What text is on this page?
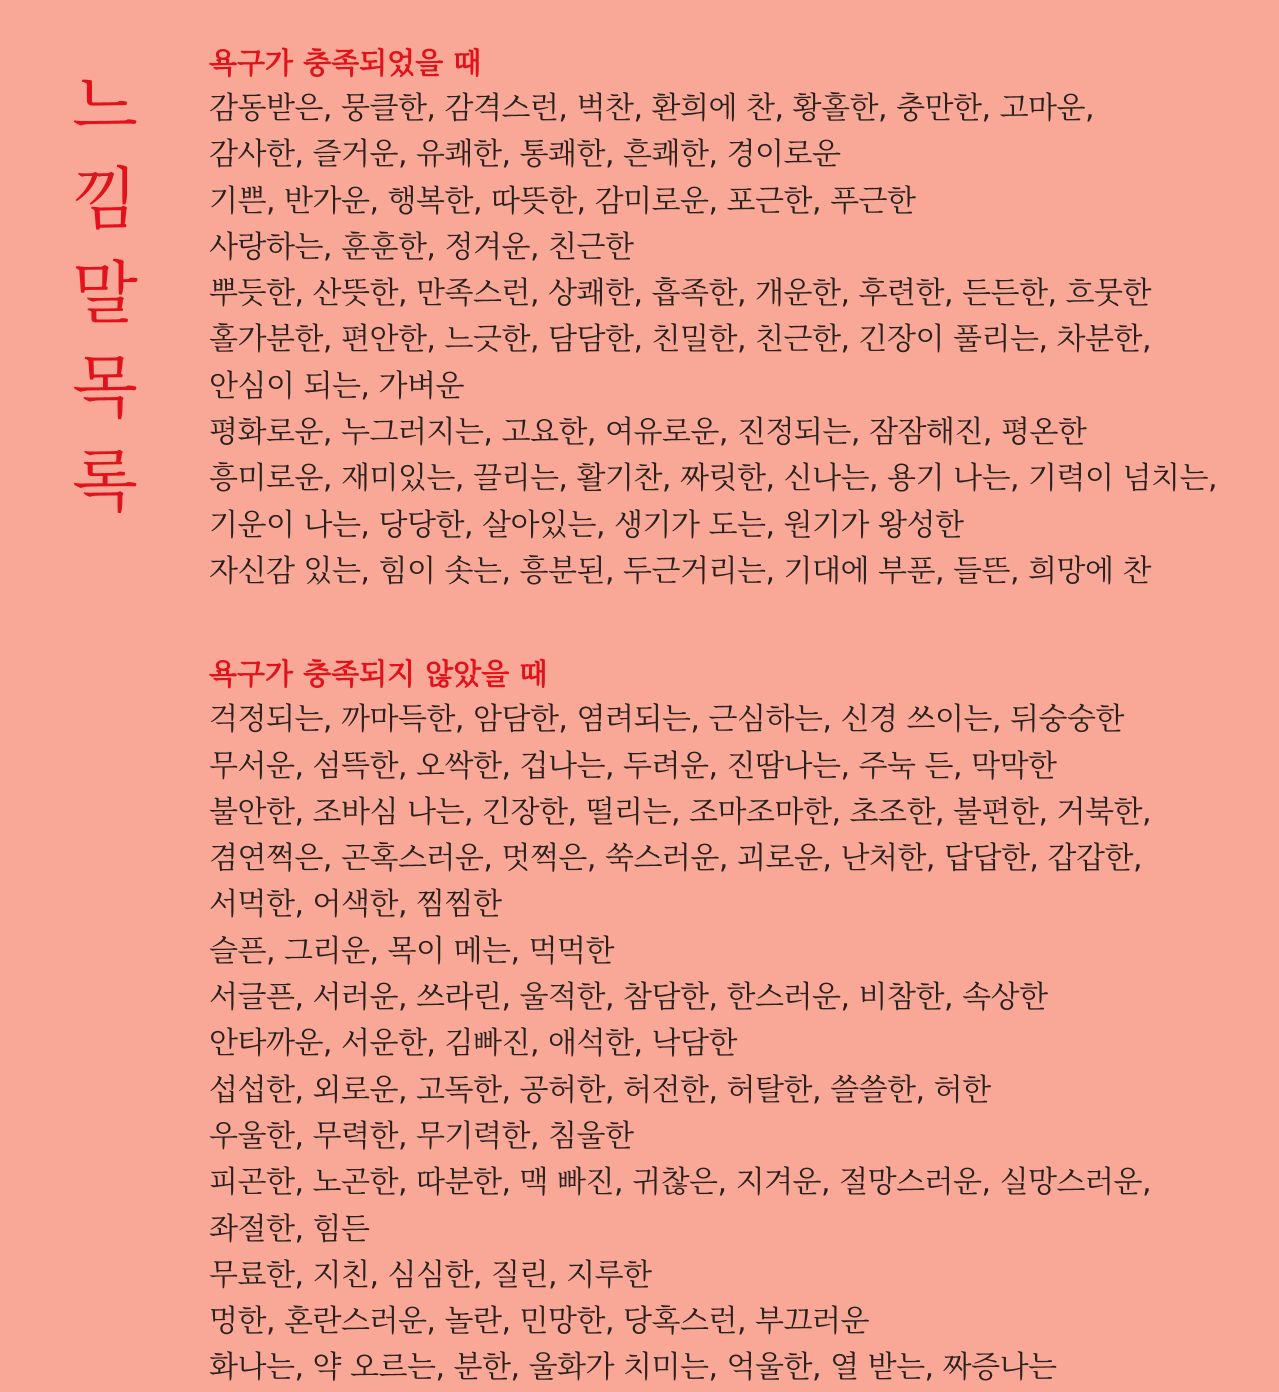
느
낌
말
목
록
욕구가 충족되었을 때
감동받은, 뭉클한, 감격스런, 벅찬, 환희에 찬, 황홀한, 충만한, 고마운,
감사한, 즐거운, 유쾌한, 통쾌한, 흔쾌한, 경이로운
기쁜, 반가운, 행복한, 따뜻한, 감미로운, 포근한, 푸근한
사랑하는, 훈훈한, 정겨운, 친근한
뿌듯한, 산뜻한, 만족스런, 상쾌한, 흡족한, 개운한, 후련한, 든든한, 흐뭇한
홀가분한, 편안한, 느긋한, 담담한, 친밀한, 친근한, 긴장이 풀리는, 차분한,
안심이 되는, 가벼운
평화로운, 누그러지는, 고요한, 여유로운, 진정되는, 잠잠해진, 평온한
흥미로운, 재미있는, 끌리는, 활기찬, 짜릿한, 신나는, 용기 나는, 기력이 넘치는,
기운이 나는, 당당한, 살아있는, 생기가 도는, 원기가 왕성한
자신감 있는, 힘이 솟는, 흥분된, 두근거리는, 기대에 부푼, 들뜬, 희망에 찬
욕구가 충족되지 않았을 때
걱정되는, 까마득한, 암담한, 염려되는, 근심하는, 신경 쓰이는, 뒤숭숭한
무서운, 섬뜩한, 오싹한, 겁나는, 두려운, 진땀나는, 주눅 든, 막막한
불안한, 조바심 나는, 긴장한, 떨리는, 조마조마한, 초조한, 불편한, 거북한,
겸연쩍은, 곤혹스러운, 멋쩍은, 쑥스러운, 괴로운, 난처한, 답답한, 갑갑한,
서먹한, 어색한, 찜찜한
슬픈, 그리운, 목이 메는, 먹먹한
서글픈, 서러운, 쓰라린, 울적한, 참담한, 한스러운, 비참한, 속상한
안타까운, 서운한, 김빠진, 애석한, 낙담한
섭섭한, 외로운, 고독한, 공허한, 허전한, 허탈한, 쓸쓸한, 허한
우울한, 무력한, 무기력한, 침울한
피곤한, 노곤한, 따분한, 맥 빠진, 귀찮은, 지겨운, 절망스러운, 실망스러운,
좌절한, 힘든
무료한, 지친, 심심한, 질린, 지루한
멍한, 혼란스러운, 놀란, 민망한, 당혹스런, 부끄러운
화나는, 약 오르는, 분한, 울화가 치미는, 억울한, 열 받는, 짜증나는
